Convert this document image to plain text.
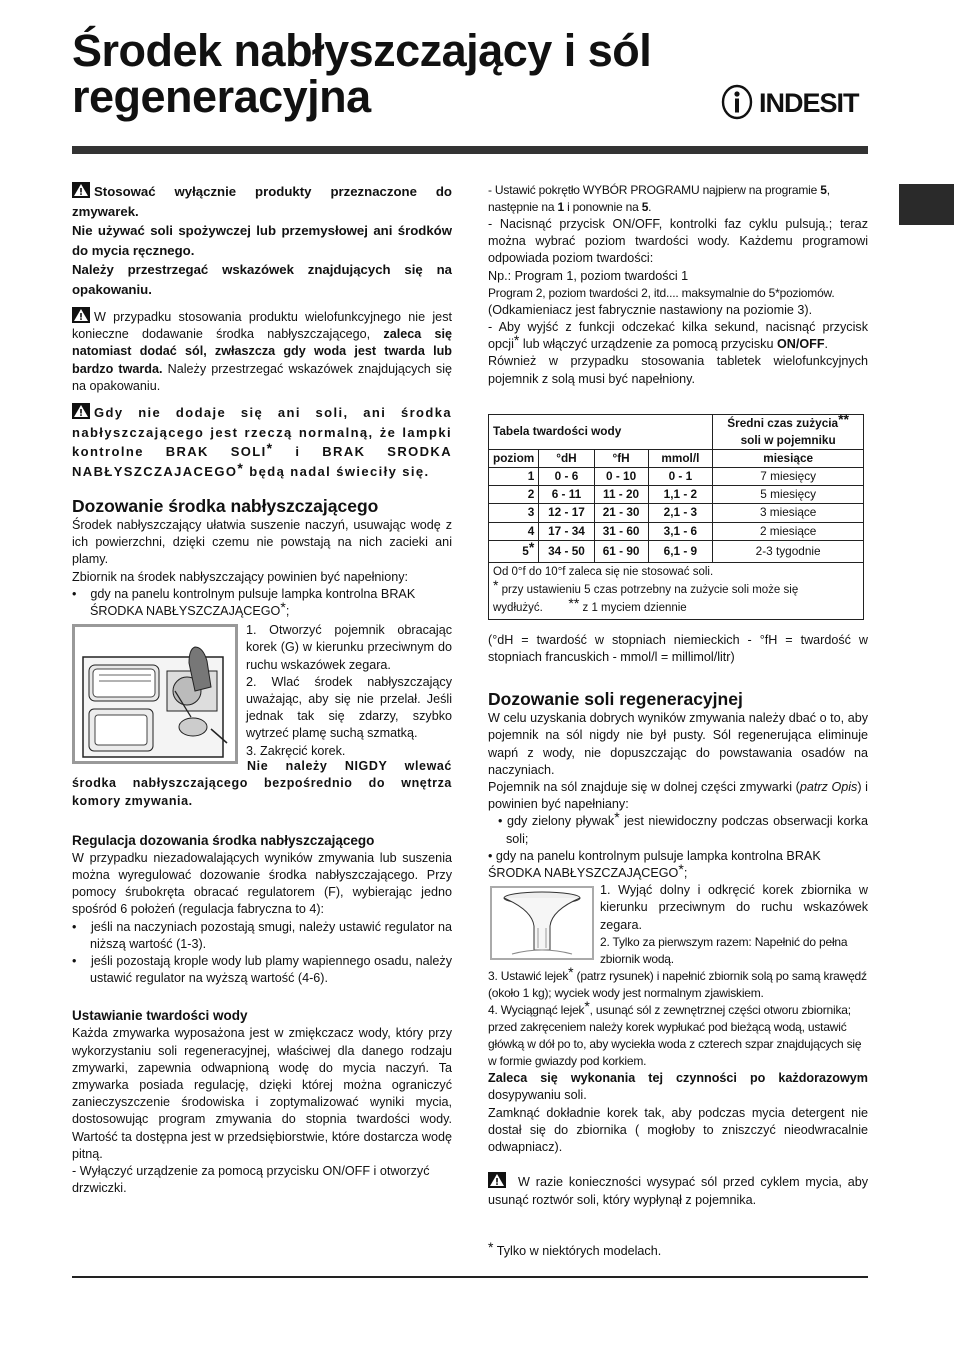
Środek nabłyszczający i sól regeneracyjna	INDESIT

Stosować wyłącznie produkty przeznaczone do zmywarek.
Nie używać soli spożywczej lub przemysłowej ani środków do mycia ręcznego.
Należy przestrzegać wskazówek znajdujących się na opakowaniu.

W przypadku stosowania produktu wielofunkcyjnego nie jest konieczne dodawanie środka nabłyszczającego, zaleca się natomiast dodać sól, zwłaszcza gdy woda jest twarda lub bardzo twarda. Należy przestrzegać wskazówek znajdujących się na opakowaniu.

Gdy nie dodaje się ani soli, ani środka nabłyszczającego jest rzeczą normalną, że lampki kontrolne BRAK SOLI* i BRAK SRODKA NABŁYSZCZAJACEGO* będą nadal świeciły się.

Dozowanie środka nabłyszczającego

Środek nabłyszczający ułatwia suszenie naczyń, usuwając wodę z ich powierzchni, dzięki czemu nie powstają na nich zacieki ani plamy.

Zbiornik na środek nabłyszczający powinien być napełniony:

•    gdy na panelu kontrolnym pulsuje lampka kontrolna BRAK ŚRODKA NABŁYSZCZAJĄCEGO*;

1. Otworzyć pojemnik obracając korek (G) w kierunku przeciwnym do ruchu wskazówek zegara.

2. Wlać środek nabłyszczający uważając, aby się nie przelał. Jeśli jednak tak się zdarzy, szybko wytrzeć plamę suchą szmatką.

3. Zakręcić korek.

Nie należy NIGDY wlewać środka nabłyszczającego bezpośrednio do wnętrza komory zmywania.

Regulacja dozowania środka nabłyszczającego

W przypadku niezadowalających wyników zmywania lub suszenia można wyregulować dozowanie środka nabłyszczającego. Przy pomocy śrubokręta obracać regulatorem (F), wybierając jedno spośród 6 położeń (regulacja fabryczna to 4):

•    jeśli na naczyniach pozostają smugi, należy ustawić regulator na niższą wartość (1-3).

•    jeśli pozostają krople wody lub plamy wapiennego osadu, należy ustawić regulator na wyższą wartość (4-6).

Ustawianie twardości wody

Każda zmywarka wyposażona jest w zmiękczacz wody, który przy wykorzystaniu soli regeneracyjnej, właściwej dla danego rodzaju zmywarki, zapewnia odwapnioną wodę do mycia naczyń. Ta zmywarka posiada regulację, dzięki której można ograniczyć zanieczyszczenie środowiska i zoptymalizować wyniki mycia, dostosowując program zmywania do stopnia twardości wody. Wartość ta dostępna jest w przedsiębiorstwie, które dostarcza wodę pitną.

- Wyłączyć urządzenie za pomocą przycisku ON/OFF i otworzyć drzwiczki.

- Ustawić pokrętło WYBÓR PROGRAMU najpierw na programie 5, następnie na 1 i ponownie na 5.

- Nacisnąć przycisk ON/OFF, kontrolki faz cyklu pulsują.; teraz można wybrać poziom twardości wody. Każdemu programowi odpowiada poziom twardości:

Np.: Program 1, poziom twardości 1

Program 2, poziom twardości 2, itd.... maksymalnie do 5*poziomów.

(Odkamieniacz jest fabrycznie nastawiony na poziomie 3).

- Aby wyjść z funkcji odczekać kilka sekund, nacisnąć przycisk opcji* lub włączyć urządzenie za pomocą przycisku ON/OFF.

Również w przypadku stosowania tabletek wielofunkcyjnych pojemnik z solą musi być napełniony.

Tabela twardości wody				Średni czas zużycia**
soli w pojemniku
poziom	°dH	°fH	mmol/l	miesiące
1	0 - 6	0 - 10	0 - 1	7 miesięcy
2	6 - 11	11 - 20	1,1 - 2	5 miesięcy
3	12 - 17	21 - 30	2,1 - 3	3 miesiące
4	17 - 34	31 - 60	3,1 - 6	2 miesiące
5*	34 - 50	61 - 90	6,1 - 9	2-3 tygodnie
Od 0°f do 10°f zaleca się nie stosować soli.
* przy ustawieniu 5 czas potrzebny na zużycie soli może się wydłużyć. ** z 1 myciem dziennie				

(°dH = twardość w stopniach niemieckich - °fH = twardość w stopniach francuskich - mmol/l = millimol/litr)

Dozowanie soli regeneracyjnej

W celu uzyskania dobrych wyników zmywania należy dbać o to, aby pojemnik na sól nigdy nie był pusty. Sól regenerująca eliminuje wapń z wody, nie dopuszczając do powstawania osadów na naczyniach.

Pojemnik na sól znajduje się w dolnej części zmywarki (patrz Opis) i powinien być napełniany:

• gdy zielony pływak* jest niewidoczny podczas obserwacji korka soli;

• gdy na panelu kontrolnym pulsuje lampka kontrolna BRAK ŚRODKA NABŁYSZCZAJĄCEGO*;

1. Wyjąć dolny i odkręcić korek zbiornika w kierunku przeciwnym do ruchu wskazówek zegara.

2. Tylko za pierwszym razem: Napełnić do pełna zbiornik wodą.

3. Ustawić lejek* (patrz rysunek) i napełnić zbiornik solą po samą krawędź (około 1 kg); wyciek wody jest normalnym zjawiskiem.

4. Wyciągnąć lejek*, usunąć sól z zewnętrznej części otworu zbiornika; przed zakręceniem należy korek wypłukać pod bieżącą wodą, ustawić główką w dół po to, aby wyciekła woda z czterech szpar znajdujących się w formie gwiazdy pod korkiem.

Zaleca się wykonania tej czynności po każdorazowym dosypywaniu soli.

Zamknąć dokładnie korek tak, aby podczas mycia detergent nie dostał się do zbiornika ( mogłoby to zniszczyć nieodwracalnie odwapniacz).

W razie konieczności wysypać sól przed cyklem mycia, aby usunąć roztwór soli, który wypłynął z pojemnika.

* Tylko w niektórych modelach.
